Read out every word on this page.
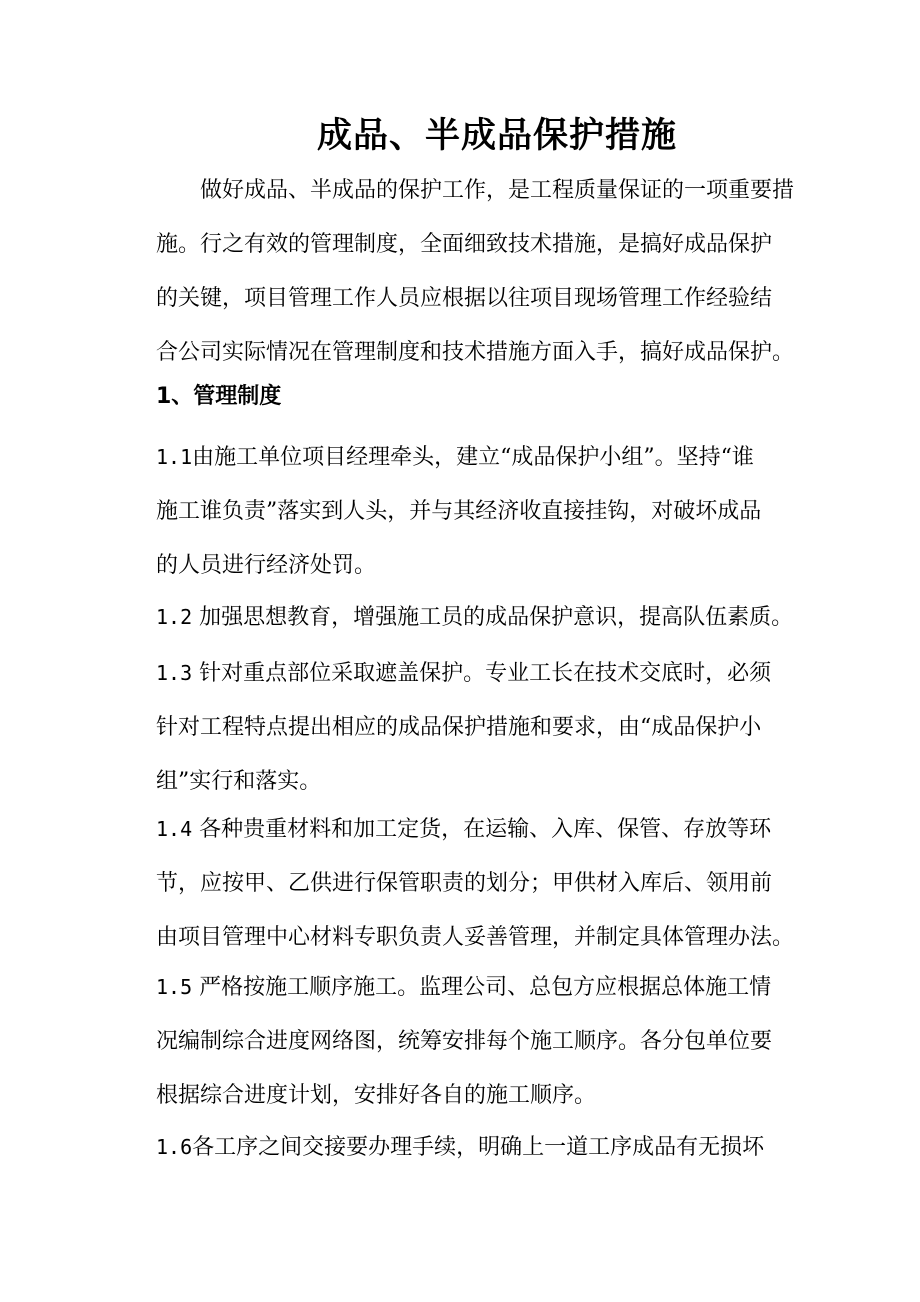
成品、半成品保护措施

　　做好成品、半成品的保护工作，是工程质量保证的一项重要措

施。行之有效的管理制度，全面细致技术措施，是搞好成品保护

的关键，项目管理工作人员应根据以往项目现场管理工作经验结

合公司实际情况在管理制度和技术措施方面入手，搞好成品保护。

1、管理制度

1.1由施工单位项目经理牵头，建立“成品保护小组”。坚持“谁

施工谁负责”落实到人头，并与其经济收直接挂钩，对破坏成品

的人员进行经济处罚。

1.2 加强思想教育，增强施工员的成品保护意识，提高队伍素质。

1.3 针对重点部位采取遮盖保护。专业工长在技术交底时，必须

针对工程特点提出相应的成品保护措施和要求，由“成品保护小

组”实行和落实。

1.4 各种贵重材料和加工定货，在运输、入库、保管、存放等环

节，应按甲、乙供进行保管职责的划分；甲供材入库后、领用前

由项目管理中心材料专职负责人妥善管理，并制定具体管理办法。

1.5 严格按施工顺序施工。监理公司、总包方应根据总体施工情

况编制综合进度网络图，统筹安排每个施工顺序。各分包单位要

根据综合进度计划，安排好各自的施工顺序。

1.6各工序之间交接要办理手续，明确上一道工序成品有无损坏
